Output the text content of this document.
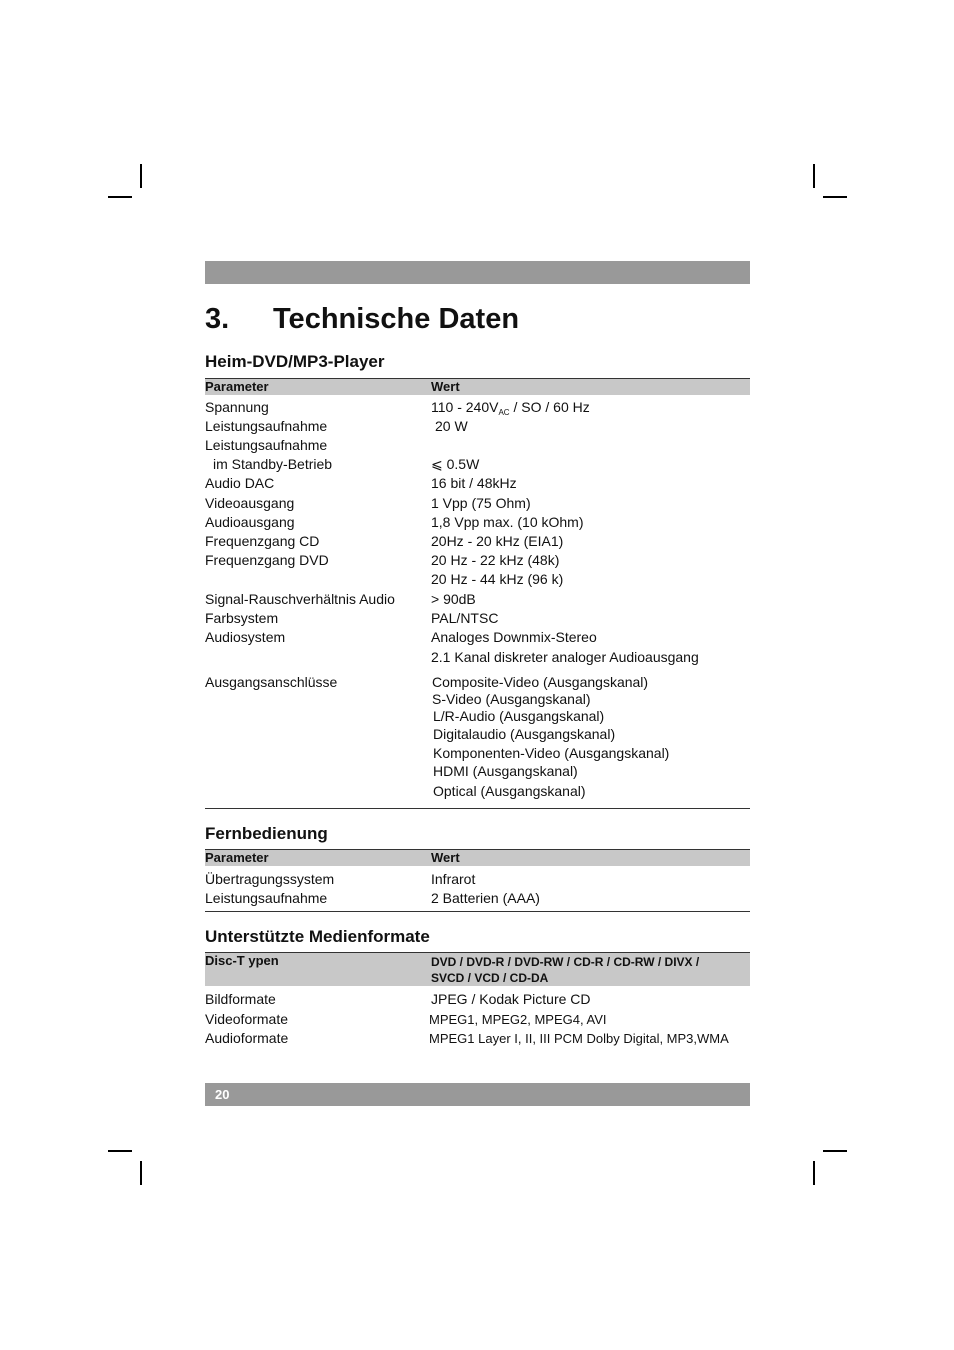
3. Technische Daten
Heim-DVD/MP3-Player
Parameter	Wert
Spannung	$110 - 240V_{AC}$ / SO / 60 Hz
Leistungsaufnahme	20 W
Leistungsaufnahme
im Standby-Betrieb	⩽ 0.5W
Audio DAC	16 bit / 48kHz
Videoausgang	1 Vpp (75 Ohm)
Audioausgang	1,8 Vpp max. (10 kOhm)
Frequenzgang CD	20Hz - 20 kHz (EIA1)
Frequenzgang DVD	20 Hz - 22 kHz (48k)
20 Hz - 44 kHz (96 k)
Signal-Rauschverhältnis Audio	> 90dB
Farbsystem	PAL/NTSC
Audiosystem	Analoges Downmix-Stereo
2.1 Kanal diskreter analoger Audioausgang
Ausgangsanschlüsse	Composite-Video (Ausgangskanal)
S-Video (Ausgangskanal)
L/R-Audio (Ausgangskanal)
Digitalaudio (Ausgangskanal)
Komponenten-Video (Ausgangskanal)
HDMI (Ausgangskanal)
Optical (Ausgangskanal)
Fernbedienung
Parameter	Wert
Übertragungssystem	Infrarot
Leistungsaufnahme	2 Batterien (AAA)
Unterstützte Medienformate
Disc-T ypen	DVD / DVD-R / DVD-RW / CD-R / CD-RW / DIVX /
SVCD / VCD / CD-DA
Bildformate	JPEG / Kodak Picture CD
Videoformate	MPEG1, MPEG2, MPEG4, AVI
Audioformate	MPEG1 Layer I, II, III PCM Dolby Digital, MP3,WMA
20
